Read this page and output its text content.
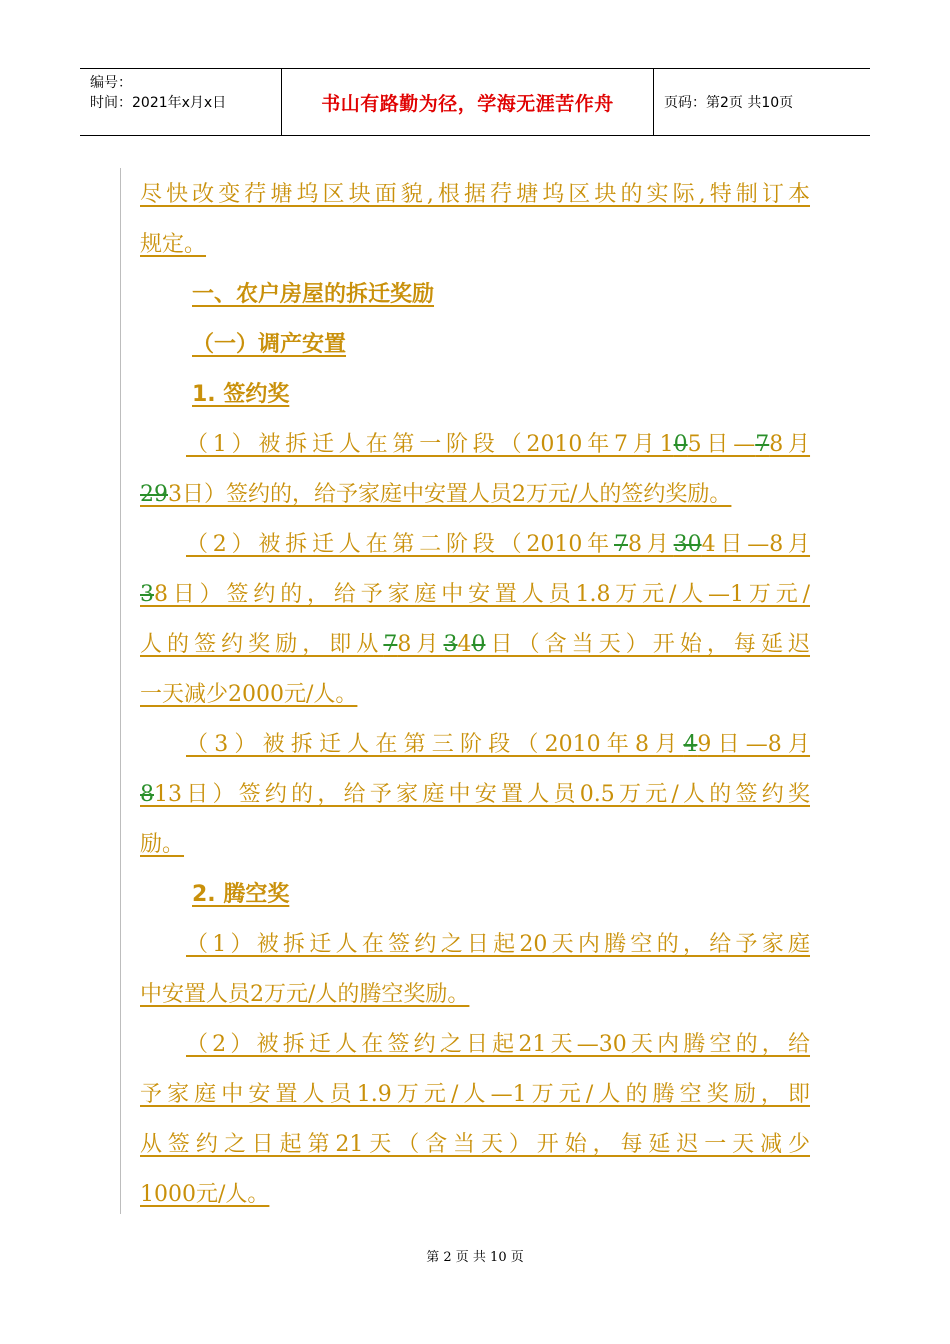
编号：
时间：2021年x月x日	书山有路勤为径，学海无涯苦作舟	页码：第2页 共10页
尽快改变荇塘坞区块面貌,根据荇塘坞区块的实际,特制订本
规定。
一、农户房屋的拆迁奖励
（一）调产安置
1. 签约奖
（1）被拆迁人在第一阶段（2010年7月105日—78月
293日）签约的，给予家庭中安置人员2万元/人的签约奖励。
（2）被拆迁人在第二阶段（2010年78月304日—8月
38日）签约的，给予家庭中安置人员1.8万元/人—1万元/
人的签约奖励，即从78月340日（含当天）开始，每延迟
一天减少2000元/人。
（3）被拆迁人在第三阶段（2010年8月49日—8月
813日）签约的，给予家庭中安置人员0.5万元/人的签约奖
励。
2. 腾空奖
（1）被拆迁人在签约之日起20天内腾空的，给予家庭
中安置人员2万元/人的腾空奖励。
（2）被拆迁人在签约之日起21天—30天内腾空的，给
予家庭中安置人员1.9万元/人—1万元/人的腾空奖励，即
从签约之日起第21天（含当天）开始，每延迟一天减少
1000元/人。
第 2 页 共 10 页
